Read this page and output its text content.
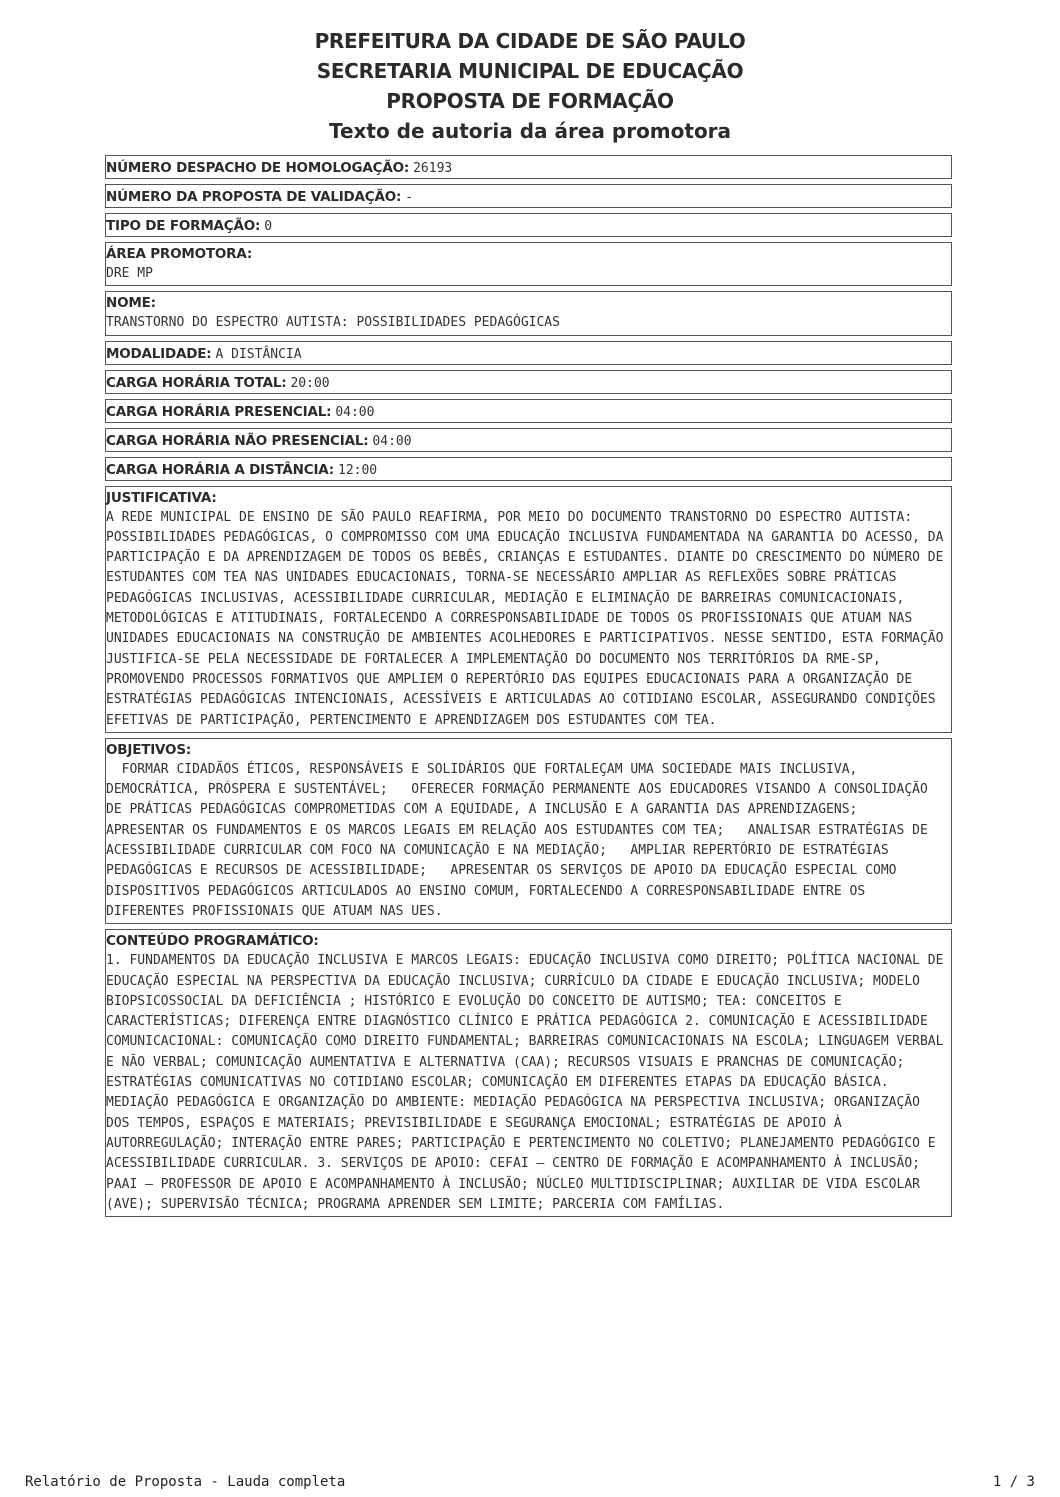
PREFEITURA DA CIDADE DE SÃO PAULO
SECRETARIA MUNICIPAL DE EDUCAÇÃO
PROPOSTA DE FORMAÇÃO
Texto de autoria da área promotora
NÚMERO DESPACHO DE HOMOLOGAÇÃO: 26193
NÚMERO DA PROPOSTA DE VALIDAÇÃO: -
TIPO DE FORMAÇÃO: 0
ÁREA PROMOTORA:
DRE MP
NOME:
TRANSTORNO DO ESPECTRO AUTISTA: POSSIBILIDADES PEDAGÓGICAS
MODALIDADE: A DISTÂNCIA
CARGA HORÁRIA TOTAL: 20:00
CARGA HORÁRIA PRESENCIAL: 04:00
CARGA HORÁRIA NÃO PRESENCIAL: 04:00
CARGA HORÁRIA A DISTÂNCIA: 12:00
JUSTIFICATIVA:
A REDE MUNICIPAL DE ENSINO DE SÃO PAULO REAFIRMA, POR MEIO DO DOCUMENTO TRANSTORNO DO ESPECTRO AUTISTA: POSSIBILIDADES PEDAGÓGICAS, O COMPROMISSO COM UMA EDUCAÇÃO INCLUSIVA FUNDAMENTADA NA GARANTIA DO ACESSO, DA PARTICIPAÇÃO E DA APRENDIZAGEM DE TODOS OS BEBÊS, CRIANÇAS E ESTUDANTES. DIANTE DO CRESCIMENTO DO NÚMERO DE ESTUDANTES COM TEA NAS UNIDADES EDUCACIONAIS, TORNA-SE NECESSÁRIO AMPLIAR AS REFLEXÕES SOBRE PRÁTICAS PEDAGÓGICAS INCLUSIVAS, ACESSIBILIDADE CURRICULAR, MEDIAÇÃO E ELIMINAÇÃO DE BARREIRAS COMUNICACIONAIS, METODOLÓGICAS E ATITUDINAIS, FORTALECENDO A CORRESPONSABILIDADE DE TODOS OS PROFISSIONAIS QUE ATUAM NAS UNIDADES EDUCACIONAIS NA CONSTRUÇÃO DE AMBIENTES ACOLHEDORES E PARTICIPATIVOS. NESSE SENTIDO, ESTA FORMAÇÃO JUSTIFICA-SE PELA NECESSIDADE DE FORTALECER A IMPLEMENTAÇÃO DO DOCUMENTO NOS TERRITÓRIOS DA RME-SP, PROMOVENDO PROCESSOS FORMATIVOS QUE AMPLIEM O REPERTÓRIO DAS EQUIPES EDUCACIONAIS PARA A ORGANIZAÇÃO DE ESTRATÉGIAS PEDAGÓGICAS INTENCIONAIS, ACESSÍVEIS E ARTICULADAS AO COTIDIANO ESCOLAR, ASSEGURANDO CONDIÇÕES EFETIVAS DE PARTICIPAÇÃO, PERTENCIMENTO E APRENDIZAGEM DOS ESTUDANTES COM TEA.
OBJETIVOS:
FORMAR CIDADÃOS ÉTICOS, RESPONSÁVEIS E SOLIDÁRIOS QUE FORTALEÇAM UMA SOCIEDADE MAIS INCLUSIVA, DEMOCRÁTICA, PRÓSPERA E SUSTENTÁVEL;   OFERECER FORMAÇÃO PERMANENTE AOS EDUCADORES VISANDO A CONSOLIDAÇÃO DE PRÁTICAS PEDAGÓGICAS COMPROMETIDAS COM A EQUIDADE, A INCLUSÃO E A GARANTIA DAS APRENDIZAGENS;   APRESENTAR OS FUNDAMENTOS E OS MARCOS LEGAIS EM RELAÇÃO AOS ESTUDANTES COM TEA;   ANALISAR ESTRATÉGIAS DE ACESSIBILIDADE CURRICULAR COM FOCO NA COMUNICAÇÃO E NA MEDIAÇÃO;   AMPLIAR REPERTÓRIO DE ESTRATÉGIAS PEDAGÓGICAS E RECURSOS DE ACESSIBILIDADE;   APRESENTAR OS SERVIÇOS DE APOIO DA EDUCAÇÃO ESPECIAL COMO DISPOSITIVOS PEDAGÓGICOS ARTICULADOS AO ENSINO COMUM, FORTALECENDO A CORRESPONSABILIDADE ENTRE OS DIFERENTES PROFISSIONAIS QUE ATUAM NAS UES.
CONTEÚDO PROGRAMÁTICO:
1. FUNDAMENTOS DA EDUCAÇÃO INCLUSIVA E MARCOS LEGAIS: EDUCAÇÃO INCLUSIVA COMO DIREITO; POLÍTICA NACIONAL DE EDUCAÇÃO ESPECIAL NA PERSPECTIVA DA EDUCAÇÃO INCLUSIVA; CURRÍCULO DA CIDADE E EDUCAÇÃO INCLUSIVA; MODELO BIOPSICOSSOCIAL DA DEFICIÊNCIA ; HISTÓRICO E EVOLUÇÃO DO CONCEITO DE AUTISMO; TEA: CONCEITOS E CARACTERÍSTICAS; DIFERENÇA ENTRE DIAGNÓSTICO CLÍNICO E PRÁTICA PEDAGÓGICA 2. COMUNICAÇÃO E ACESSIBILIDADE COMUNICACIONAL: COMUNICAÇÃO COMO DIREITO FUNDAMENTAL; BARREIRAS COMUNICACIONAIS NA ESCOLA; LINGUAGEM VERBAL E NÃO VERBAL; COMUNICAÇÃO AUMENTATIVA E ALTERNATIVA (CAA); RECURSOS VISUAIS E PRANCHAS DE COMUNICAÇÃO; ESTRATÉGIAS COMUNICATIVAS NO COTIDIANO ESCOLAR; COMUNICAÇÃO EM DIFERENTES ETAPAS DA EDUCAÇÃO BÁSICA. MEDIAÇÃO PEDAGÓGICA E ORGANIZAÇÃO DO AMBIENTE: MEDIAÇÃO PEDAGÓGICA NA PERSPECTIVA INCLUSIVA; ORGANIZAÇÃO DOS TEMPOS, ESPAÇOS E MATERIAIS; PREVISIBILIDADE E SEGURANÇA EMOCIONAL; ESTRATÉGIAS DE APOIO À AUTORREGULAÇÃO; INTERAÇÃO ENTRE PARES; PARTICIPAÇÃO E PERTENCIMENTO NO COLETIVO; PLANEJAMENTO PEDAGÓGICO E ACESSIBILIDADE CURRICULAR. 3. SERVIÇOS DE APOIO: CEFAI — CENTRO DE FORMAÇÃO E ACOMPANHAMENTO À INCLUSÃO; PAAI — PROFESSOR DE APOIO E ACOMPANHAMENTO À INCLUSÃO; NÚCLEO MULTIDISCIPLINAR; AUXILIAR DE VIDA ESCOLAR (AVE); SUPERVISÃO TÉCNICA; PROGRAMA APRENDER SEM LIMITE; PARCERIA COM FAMÍLIAS.
Relatório de Proposta - Lauda completa	1 / 3
